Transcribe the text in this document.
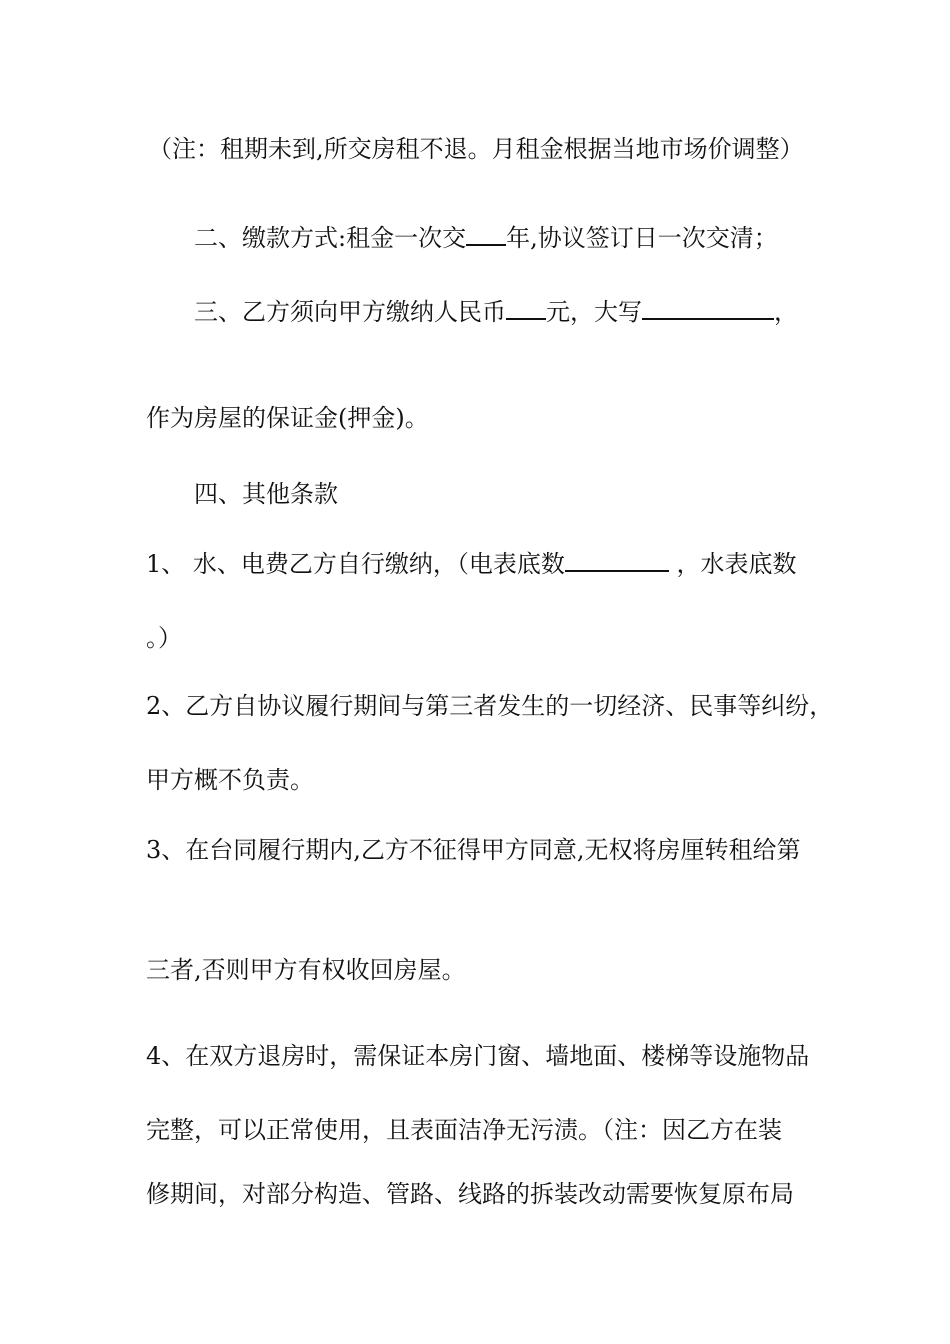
（注：租期未到,所交房租不退。月租金根据当地市场价调整）
二、缴款方式:租金一次交 年,协议签订日一次交清；
三、乙方须向甲方缴纳人民币 元，大写	，
作为房屋的保证金(押金)。
四、其他条款
1、 水、电费乙方自行缴纳，（电表底数	，水表底数
。）
2、乙方自协议履行期间与第三者发生的一切经济、民事等纠纷，
甲方概不负责。
3、在台同履行期内,乙方不征得甲方同意,无权将房厘转租给第
三者,否则甲方有权收回房屋。
4、在双方退房时，需保证本房门窗、墙地面、楼梯等设施物品
完整，可以正常使用，且表面洁净无污渍。（注：因乙方在装
修期间，对部分构造、管路、线路的拆装改动需要恢复原布局
